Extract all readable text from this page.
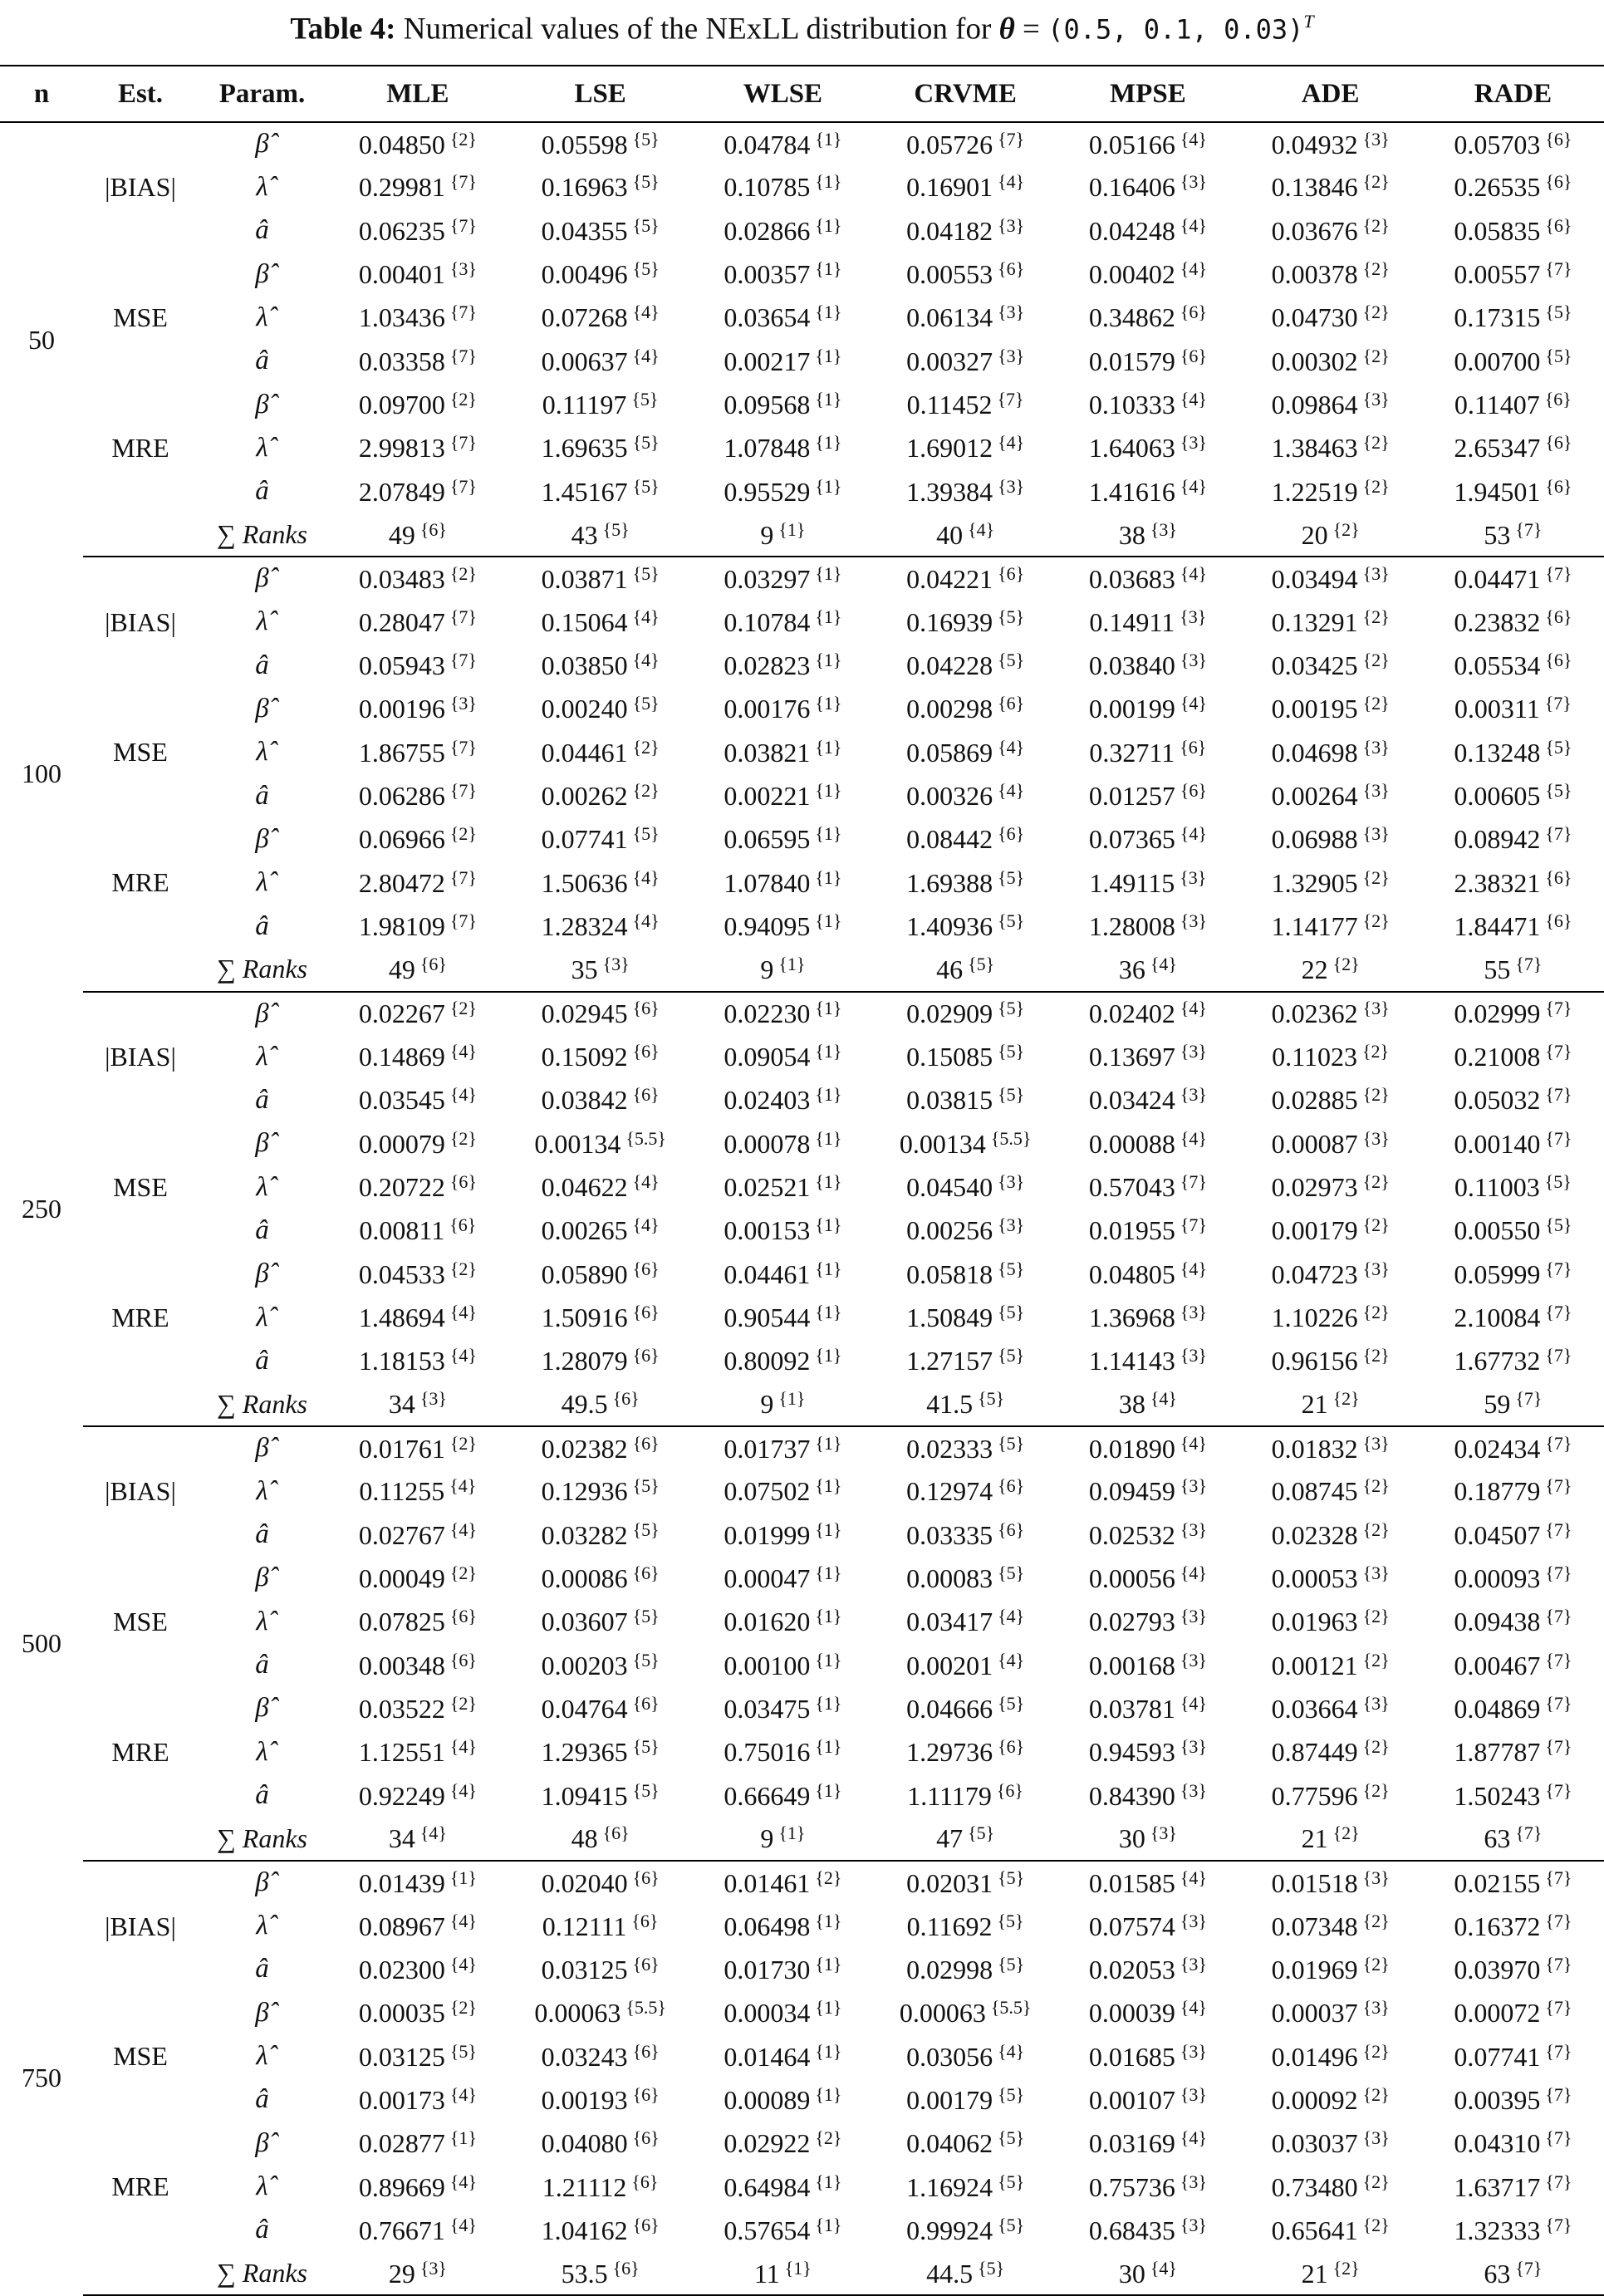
Table 4: Numerical values of the NExLL distribution for θ = (0.5, 0.1, 0.03)$^T$
n	Est.	Param.	MLE	LSE	WLSE	CRVME	MPSE	ADE	RADE
50	|BIAS|	β̂	0.04850 $^{\{2\}}$	0.05598 $^{\{5\}}$	0.04784 $^{\{1\}}$	0.05726 $^{\{7\}}$	0.05166 $^{\{4\}}$	0.04932 $^{\{3\}}$	0.05703 $^{\{6\}}$
		λ̂	0.29981 $^{\{7\}}$	0.16963 $^{\{5\}}$	0.10785 $^{\{1\}}$	0.16901 $^{\{4\}}$	0.16406 $^{\{3\}}$	0.13846 $^{\{2\}}$	0.26535 $^{\{6\}}$
		â	0.06235 $^{\{7\}}$	0.04355 $^{\{5\}}$	0.02866 $^{\{1\}}$	0.04182 $^{\{3\}}$	0.04248 $^{\{4\}}$	0.03676 $^{\{2\}}$	0.05835 $^{\{6\}}$
	MSE	β̂	0.00401 $^{\{3\}}$	0.00496 $^{\{5\}}$	0.00357 $^{\{1\}}$	0.00553 $^{\{6\}}$	0.00402 $^{\{4\}}$	0.00378 $^{\{2\}}$	0.00557 $^{\{7\}}$
		λ̂	1.03436 $^{\{7\}}$	0.07268 $^{\{4\}}$	0.03654 $^{\{1\}}$	0.06134 $^{\{3\}}$	0.34862 $^{\{6\}}$	0.04730 $^{\{2\}}$	0.17315 $^{\{5\}}$
		â	0.03358 $^{\{7\}}$	0.00637 $^{\{4\}}$	0.00217 $^{\{1\}}$	0.00327 $^{\{3\}}$	0.01579 $^{\{6\}}$	0.00302 $^{\{2\}}$	0.00700 $^{\{5\}}$
	MRE	β̂	0.09700 $^{\{2\}}$	0.11197 $^{\{5\}}$	0.09568 $^{\{1\}}$	0.11452 $^{\{7\}}$	0.10333 $^{\{4\}}$	0.09864 $^{\{3\}}$	0.11407 $^{\{6\}}$
		λ̂	2.99813 $^{\{7\}}$	1.69635 $^{\{5\}}$	1.07848 $^{\{1\}}$	1.69012 $^{\{4\}}$	1.64063 $^{\{3\}}$	1.38463 $^{\{2\}}$	2.65347 $^{\{6\}}$
		â	2.07849 $^{\{7\}}$	1.45167 $^{\{5\}}$	0.95529 $^{\{1\}}$	1.39384 $^{\{3\}}$	1.41616 $^{\{4\}}$	1.22519 $^{\{2\}}$	1.94501 $^{\{6\}}$
		∑ Ranks	49 $^{\{6\}}$	43 $^{\{5\}}$	9 $^{\{1\}}$	40 $^{\{4\}}$	38 $^{\{3\}}$	20 $^{\{2\}}$	53 $^{\{7\}}$
100	|BIAS|	β̂	0.03483 $^{\{2\}}$	0.03871 $^{\{5\}}$	0.03297 $^{\{1\}}$	0.04221 $^{\{6\}}$	0.03683 $^{\{4\}}$	0.03494 $^{\{3\}}$	0.04471 $^{\{7\}}$
		λ̂	0.28047 $^{\{7\}}$	0.15064 $^{\{4\}}$	0.10784 $^{\{1\}}$	0.16939 $^{\{5\}}$	0.14911 $^{\{3\}}$	0.13291 $^{\{2\}}$	0.23832 $^{\{6\}}$
		â	0.05943 $^{\{7\}}$	0.03850 $^{\{4\}}$	0.02823 $^{\{1\}}$	0.04228 $^{\{5\}}$	0.03840 $^{\{3\}}$	0.03425 $^{\{2\}}$	0.05534 $^{\{6\}}$
	MSE	β̂	0.00196 $^{\{3\}}$	0.00240 $^{\{5\}}$	0.00176 $^{\{1\}}$	0.00298 $^{\{6\}}$	0.00199 $^{\{4\}}$	0.00195 $^{\{2\}}$	0.00311 $^{\{7\}}$
		λ̂	1.86755 $^{\{7\}}$	0.04461 $^{\{2\}}$	0.03821 $^{\{1\}}$	0.05869 $^{\{4\}}$	0.32711 $^{\{6\}}$	0.04698 $^{\{3\}}$	0.13248 $^{\{5\}}$
		â	0.06286 $^{\{7\}}$	0.00262 $^{\{2\}}$	0.00221 $^{\{1\}}$	0.00326 $^{\{4\}}$	0.01257 $^{\{6\}}$	0.00264 $^{\{3\}}$	0.00605 $^{\{5\}}$
	MRE	β̂	0.06966 $^{\{2\}}$	0.07741 $^{\{5\}}$	0.06595 $^{\{1\}}$	0.08442 $^{\{6\}}$	0.07365 $^{\{4\}}$	0.06988 $^{\{3\}}$	0.08942 $^{\{7\}}$
		λ̂	2.80472 $^{\{7\}}$	1.50636 $^{\{4\}}$	1.07840 $^{\{1\}}$	1.69388 $^{\{5\}}$	1.49115 $^{\{3\}}$	1.32905 $^{\{2\}}$	2.38321 $^{\{6\}}$
		â	1.98109 $^{\{7\}}$	1.28324 $^{\{4\}}$	0.94095 $^{\{1\}}$	1.40936 $^{\{5\}}$	1.28008 $^{\{3\}}$	1.14177 $^{\{2\}}$	1.84471 $^{\{6\}}$
		∑ Ranks	49 $^{\{6\}}$	35 $^{\{3\}}$	9 $^{\{1\}}$	46 $^{\{5\}}$	36 $^{\{4\}}$	22 $^{\{2\}}$	55 $^{\{7\}}$
250	|BIAS|	β̂	0.02267 $^{\{2\}}$	0.02945 $^{\{6\}}$	0.02230 $^{\{1\}}$	0.02909 $^{\{5\}}$	0.02402 $^{\{4\}}$	0.02362 $^{\{3\}}$	0.02999 $^{\{7\}}$
		λ̂	0.14869 $^{\{4\}}$	0.15092 $^{\{6\}}$	0.09054 $^{\{1\}}$	0.15085 $^{\{5\}}$	0.13697 $^{\{3\}}$	0.11023 $^{\{2\}}$	0.21008 $^{\{7\}}$
		â	0.03545 $^{\{4\}}$	0.03842 $^{\{6\}}$	0.02403 $^{\{1\}}$	0.03815 $^{\{5\}}$	0.03424 $^{\{3\}}$	0.02885 $^{\{2\}}$	0.05032 $^{\{7\}}$
	MSE	β̂	0.00079 $^{\{2\}}$	0.00134 $^{\{5.5\}}$	0.00078 $^{\{1\}}$	0.00134 $^{\{5.5\}}$	0.00088 $^{\{4\}}$	0.00087 $^{\{3\}}$	0.00140 $^{\{7\}}$
		λ̂	0.20722 $^{\{6\}}$	0.04622 $^{\{4\}}$	0.02521 $^{\{1\}}$	0.04540 $^{\{3\}}$	0.57043 $^{\{7\}}$	0.02973 $^{\{2\}}$	0.11003 $^{\{5\}}$
		â	0.00811 $^{\{6\}}$	0.00265 $^{\{4\}}$	0.00153 $^{\{1\}}$	0.00256 $^{\{3\}}$	0.01955 $^{\{7\}}$	0.00179 $^{\{2\}}$	0.00550 $^{\{5\}}$
	MRE	β̂	0.04533 $^{\{2\}}$	0.05890 $^{\{6\}}$	0.04461 $^{\{1\}}$	0.05818 $^{\{5\}}$	0.04805 $^{\{4\}}$	0.04723 $^{\{3\}}$	0.05999 $^{\{7\}}$
		λ̂	1.48694 $^{\{4\}}$	1.50916 $^{\{6\}}$	0.90544 $^{\{1\}}$	1.50849 $^{\{5\}}$	1.36968 $^{\{3\}}$	1.10226 $^{\{2\}}$	2.10084 $^{\{7\}}$
		â	1.18153 $^{\{4\}}$	1.28079 $^{\{6\}}$	0.80092 $^{\{1\}}$	1.27157 $^{\{5\}}$	1.14143 $^{\{3\}}$	0.96156 $^{\{2\}}$	1.67732 $^{\{7\}}$
		∑ Ranks	34 $^{\{3\}}$	49.5 $^{\{6\}}$	9 $^{\{1\}}$	41.5 $^{\{5\}}$	38 $^{\{4\}}$	21 $^{\{2\}}$	59 $^{\{7\}}$
500	|BIAS|	β̂	0.01761 $^{\{2\}}$	0.02382 $^{\{6\}}$	0.01737 $^{\{1\}}$	0.02333 $^{\{5\}}$	0.01890 $^{\{4\}}$	0.01832 $^{\{3\}}$	0.02434 $^{\{7\}}$
		λ̂	0.11255 $^{\{4\}}$	0.12936 $^{\{5\}}$	0.07502 $^{\{1\}}$	0.12974 $^{\{6\}}$	0.09459 $^{\{3\}}$	0.08745 $^{\{2\}}$	0.18779 $^{\{7\}}$
		â	0.02767 $^{\{4\}}$	0.03282 $^{\{5\}}$	0.01999 $^{\{1\}}$	0.03335 $^{\{6\}}$	0.02532 $^{\{3\}}$	0.02328 $^{\{2\}}$	0.04507 $^{\{7\}}$
	MSE	β̂	0.00049 $^{\{2\}}$	0.00086 $^{\{6\}}$	0.00047 $^{\{1\}}$	0.00083 $^{\{5\}}$	0.00056 $^{\{4\}}$	0.00053 $^{\{3\}}$	0.00093 $^{\{7\}}$
		λ̂	0.07825 $^{\{6\}}$	0.03607 $^{\{5\}}$	0.01620 $^{\{1\}}$	0.03417 $^{\{4\}}$	0.02793 $^{\{3\}}$	0.01963 $^{\{2\}}$	0.09438 $^{\{7\}}$
		â	0.00348 $^{\{6\}}$	0.00203 $^{\{5\}}$	0.00100 $^{\{1\}}$	0.00201 $^{\{4\}}$	0.00168 $^{\{3\}}$	0.00121 $^{\{2\}}$	0.00467 $^{\{7\}}$
	MRE	β̂	0.03522 $^{\{2\}}$	0.04764 $^{\{6\}}$	0.03475 $^{\{1\}}$	0.04666 $^{\{5\}}$	0.03781 $^{\{4\}}$	0.03664 $^{\{3\}}$	0.04869 $^{\{7\}}$
		λ̂	1.12551 $^{\{4\}}$	1.29365 $^{\{5\}}$	0.75016 $^{\{1\}}$	1.29736 $^{\{6\}}$	0.94593 $^{\{3\}}$	0.87449 $^{\{2\}}$	1.87787 $^{\{7\}}$
		â	0.92249 $^{\{4\}}$	1.09415 $^{\{5\}}$	0.66649 $^{\{1\}}$	1.11179 $^{\{6\}}$	0.84390 $^{\{3\}}$	0.77596 $^{\{2\}}$	1.50243 $^{\{7\}}$
		∑ Ranks	34 $^{\{4\}}$	48 $^{\{6\}}$	9 $^{\{1\}}$	47 $^{\{5\}}$	30 $^{\{3\}}$	21 $^{\{2\}}$	63 $^{\{7\}}$
750	|BIAS|	β̂	0.01439 $^{\{1\}}$	0.02040 $^{\{6\}}$	0.01461 $^{\{2\}}$	0.02031 $^{\{5\}}$	0.01585 $^{\{4\}}$	0.01518 $^{\{3\}}$	0.02155 $^{\{7\}}$
		λ̂	0.08967 $^{\{4\}}$	0.12111 $^{\{6\}}$	0.06498 $^{\{1\}}$	0.11692 $^{\{5\}}$	0.07574 $^{\{3\}}$	0.07348 $^{\{2\}}$	0.16372 $^{\{7\}}$
		â	0.02300 $^{\{4\}}$	0.03125 $^{\{6\}}$	0.01730 $^{\{1\}}$	0.02998 $^{\{5\}}$	0.02053 $^{\{3\}}$	0.01969 $^{\{2\}}$	0.03970 $^{\{7\}}$
	MSE	β̂	0.00035 $^{\{2\}}$	0.00063 $^{\{5.5\}}$	0.00034 $^{\{1\}}$	0.00063 $^{\{5.5\}}$	0.00039 $^{\{4\}}$	0.00037 $^{\{3\}}$	0.00072 $^{\{7\}}$
		λ̂	0.03125 $^{\{5\}}$	0.03243 $^{\{6\}}$	0.01464 $^{\{1\}}$	0.03056 $^{\{4\}}$	0.01685 $^{\{3\}}$	0.01496 $^{\{2\}}$	0.07741 $^{\{7\}}$
		â	0.00173 $^{\{4\}}$	0.00193 $^{\{6\}}$	0.00089 $^{\{1\}}$	0.00179 $^{\{5\}}$	0.00107 $^{\{3\}}$	0.00092 $^{\{2\}}$	0.00395 $^{\{7\}}$
	MRE	β̂	0.02877 $^{\{1\}}$	0.04080 $^{\{6\}}$	0.02922 $^{\{2\}}$	0.04062 $^{\{5\}}$	0.03169 $^{\{4\}}$	0.03037 $^{\{3\}}$	0.04310 $^{\{7\}}$
		λ̂	0.89669 $^{\{4\}}$	1.21112 $^{\{6\}}$	0.64984 $^{\{1\}}$	1.16924 $^{\{5\}}$	0.75736 $^{\{3\}}$	0.73480 $^{\{2\}}$	1.63717 $^{\{7\}}$
		â	0.76671 $^{\{4\}}$	1.04162 $^{\{6\}}$	0.57654 $^{\{1\}}$	0.99924 $^{\{5\}}$	0.68435 $^{\{3\}}$	0.65641 $^{\{2\}}$	1.32333 $^{\{7\}}$
		∑ Ranks	29 $^{\{3\}}$	53.5 $^{\{6\}}$	11 $^{\{1\}}$	44.5 $^{\{5\}}$	30 $^{\{4\}}$	21 $^{\{2\}}$	63 $^{\{7\}}$
